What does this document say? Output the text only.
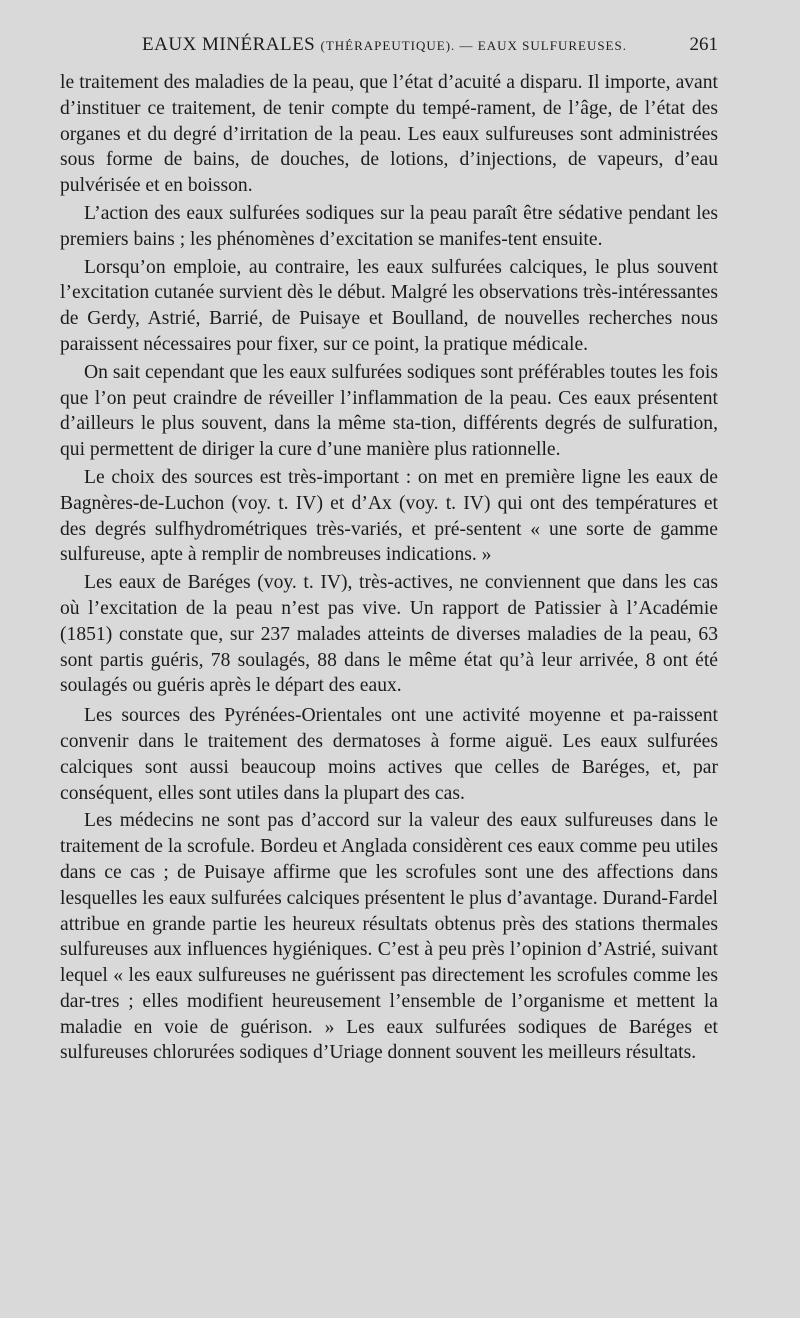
EAUX MINÉRALES (THÉRAPEUTIQUE). — EAUX SULFUREUSES.	261

le traitement des maladies de la peau, que l’état d’acuité a disparu. Il importe, avant d’instituer ce traitement, de tenir compte du tempé-rament, de l’âge, de l’état des organes et du degré d’irritation de la peau. Les eaux sulfureuses sont administrées sous forme de bains, de douches, de lotions, d’injections, de vapeurs, d’eau pulvérisée et en boisson.

L’action des eaux sulfurées sodiques sur la peau paraît être sédative pendant les premiers bains ; les phénomènes d’excitation se manifes-tent ensuite.

Lorsqu’on emploie, au contraire, les eaux sulfurées calciques, le plus souvent l’excitation cutanée survient dès le début. Malgré les observations très-intéressantes de Gerdy, Astrié, Barrié, de Puisaye et Boulland, de nouvelles recherches nous paraissent nécessaires pour fixer, sur ce point, la pratique médicale.

On sait cependant que les eaux sulfurées sodiques sont préférables toutes les fois que l’on peut craindre de réveiller l’inflammation de la peau. Ces eaux présentent d’ailleurs le plus souvent, dans la même sta-tion, différents degrés de sulfuration, qui permettent de diriger la cure d’une manière plus rationnelle.

Le choix des sources est très-important : on met en première ligne les eaux de Bagnères-de-Luchon (voy. t. IV) et d’Ax (voy. t. IV) qui ont des températures et des degrés sulfhydrométriques très-variés, et pré-sentent « une sorte de gamme sulfureuse, apte à remplir de nombreuses indications. »

Les eaux de Baréges (voy. t. IV), très-actives, ne conviennent que dans les cas où l’excitation de la peau n’est pas vive. Un rapport de Patissier à l’Académie (1851) constate que, sur 237 malades atteints de diverses maladies de la peau, 63 sont partis guéris, 78 soulagés, 88 dans le même état qu’à leur arrivée, 8 ont été soulagés ou guéris après le départ des eaux.

Les sources des Pyrénées-Orientales ont une activité moyenne et pa-raissent convenir dans le traitement des dermatoses à forme aiguë. Les eaux sulfurées calciques sont aussi beaucoup moins actives que celles de Baréges, et, par conséquent, elles sont utiles dans la plupart des cas.

Les médecins ne sont pas d’accord sur la valeur des eaux sulfureuses dans le traitement de la scrofule. Bordeu et Anglada considèrent ces eaux comme peu utiles dans ce cas ; de Puisaye affirme que les scrofules sont une des affections dans lesquelles les eaux sulfurées calciques présentent le plus d’avantage. Durand-Fardel attribue en grande partie les heureux résultats obtenus près des stations thermales sulfureuses aux influences hygiéniques. C’est à peu près l’opinion d’Astrié, suivant lequel « les eaux sulfureuses ne guérissent pas directement les scrofules comme les dar-tres ; elles modifient heureusement l’ensemble de l’organisme et mettent la maladie en voie de guérison. » Les eaux sulfurées sodiques de Baréges et sulfureuses chlorurées sodiques d’Uriage donnent souvent les meilleurs résultats.
